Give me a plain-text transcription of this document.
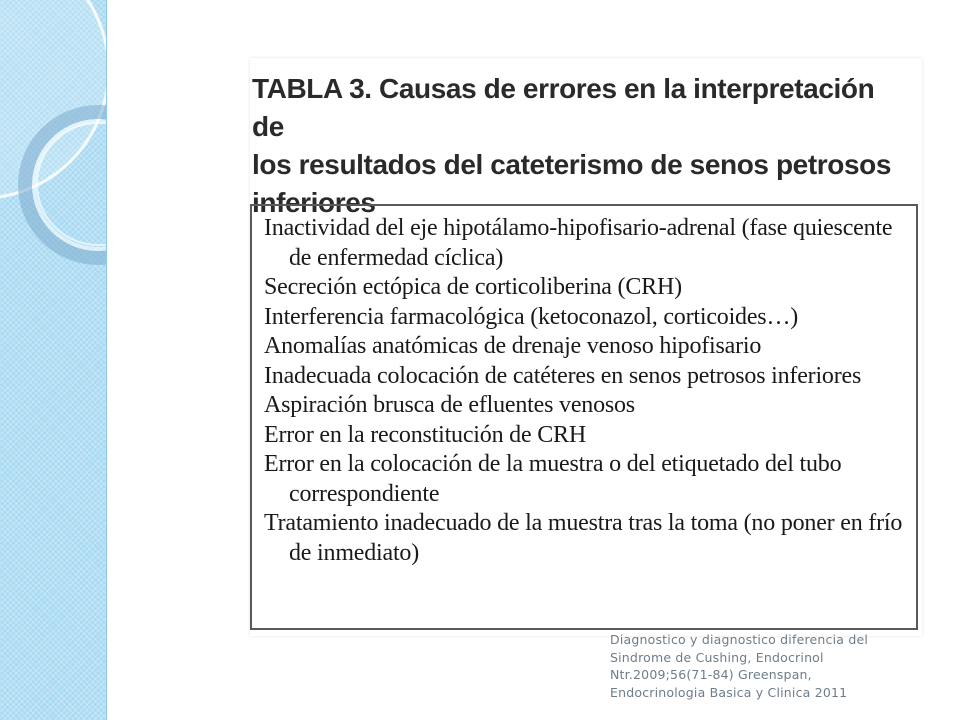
TABLA 3. Causas de errores en la interpretación de
los resultados del cateterismo de senos petrosos
inferiores
Inactividad del eje hipotálamo-hipofisario-adrenal (fase quiescente de enfermedad cíclica)
Secreción ectópica de corticoliberina (CRH)
Interferencia farmacológica (ketoconazol, corticoides…)
Anomalías anatómicas de drenaje venoso hipofisario
Inadecuada colocación de catéteres en senos petrosos inferiores
Aspiración brusca de efluentes venosos
Error en la reconstitución de CRH
Error en la colocación de la muestra o del etiquetado del tubo correspondiente
Tratamiento inadecuado de la muestra tras la toma (no poner en frío de inmediato)

Diagnostico y diagnostico diferencia del
Sindrome de Cushing, Endocrinol
Ntr.2009;56(71-84) Greenspan,
Endocrinologia Basica y Clinica 2011
